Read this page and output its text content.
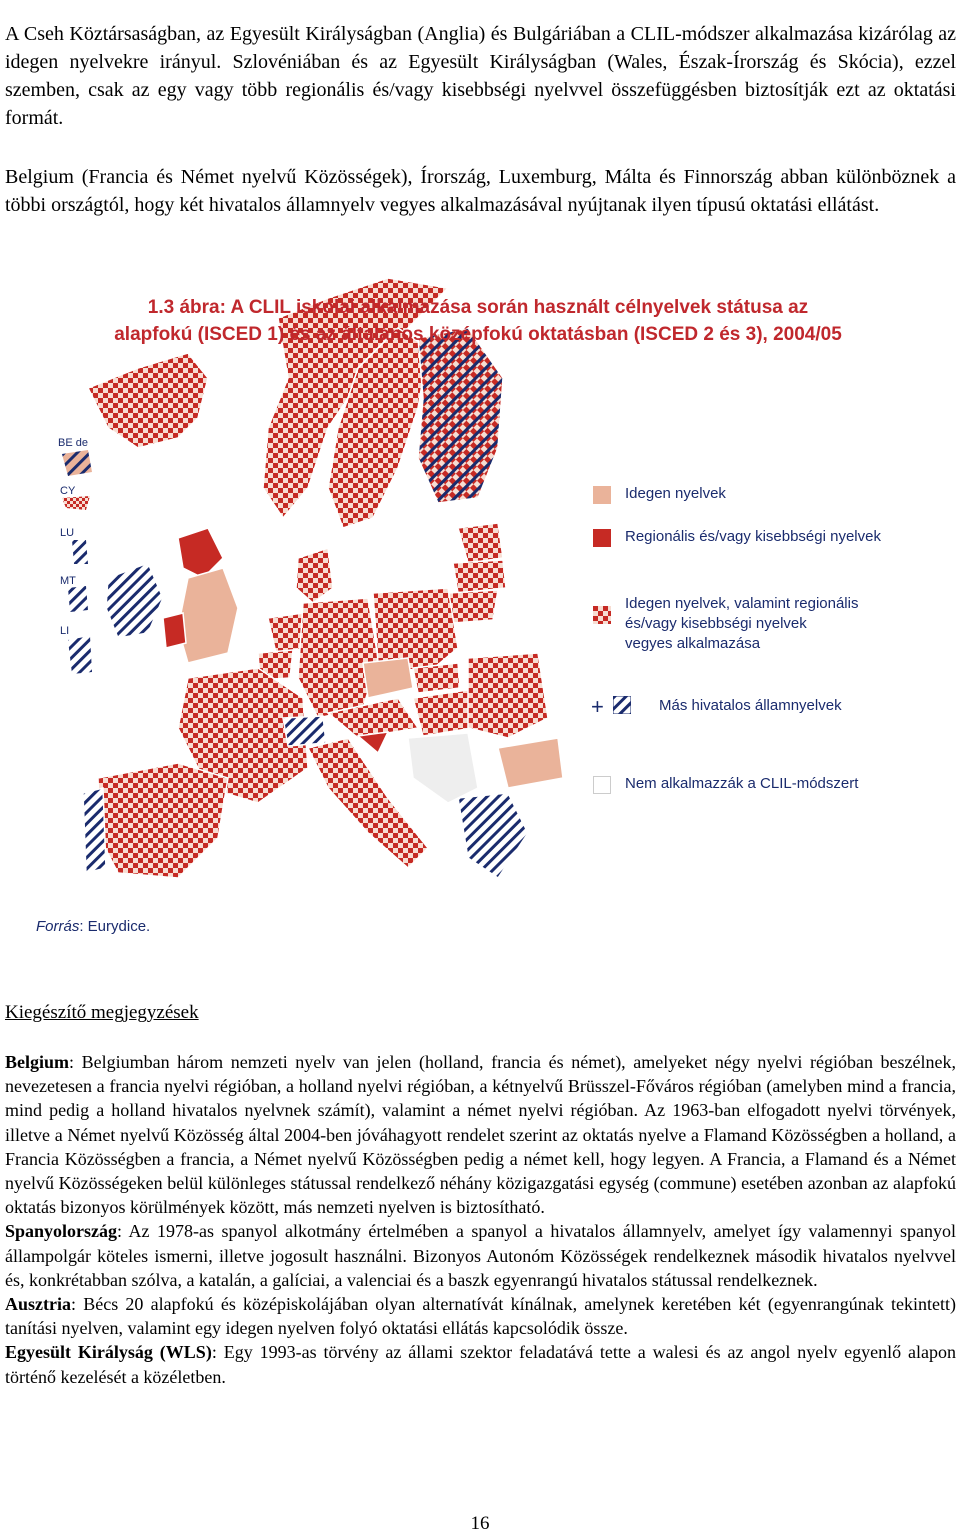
A Cseh Köztársaságban, az Egyesült Királyságban (Anglia) és Bulgáriában a CLIL-módszer alkalmazása kizárólag az idegen nyelvekre irányul. Szlovéniában és az Egyesült Királyságban (Wales, Észak-Írország és Skócia), ezzel szemben, csak az egy vagy több regionális és/vagy kisebbségi nyelvvel összefüggésben biztosítják ezt az oktatási formát.

Belgium (Francia és Német nyelvű Közösségek), Írország, Luxemburg, Málta és Finnország abban különböznek a többi országtól, hogy két hivatalos államnyelv vegyes alkalmazásával nyújtanak ilyen típusú oktatási ellátást.

BE de
CY
LU
MT
LI
1.3 ábra: A CLIL iskolai alkalmazása során használt célnyelvek státusa az
alapfokú (ISCED 1) és az általános középfokú oktatásban (ISCED 2 és 3), 2004/05
Idegen nyelvek
Regionális és/vagy kisebbségi nyelvek
Idegen nyelvek, valamint regionális
és/vagy kisebbségi nyelvek
vegyes alkalmazása
+	Más hivatalos államnyelvek
Nem alkalmazzák a CLIL-módszert
Forrás: Eurydice.
Kiegészítő megjegyzések
Belgium: Belgiumban három nemzeti nyelv van jelen (holland, francia és német), amelyeket négy nyelvi régióban beszélnek, nevezetesen a francia nyelvi régióban, a holland nyelvi régióban, a kétnyelvű Brüsszel-Főváros régióban (amelyben mind a francia, mind pedig a holland hivatalos nyelvnek számít), valamint a német nyelvi régióban. Az 1963-ban elfogadott nyelvi törvények, illetve a Német nyelvű Közösség által 2004-ben jóváhagyott rendelet szerint az oktatás nyelve a Flamand Közösségben a holland, a Francia Közösségben a francia, a Német nyelvű Közösségben pedig a német kell, hogy legyen. A Francia, a Flamand és a Német nyelvű Közösségeken belül különleges státussal rendelkező néhány közigazgatási egység (commune) esetében azonban az alapfokú oktatás bizonyos körülmények között, más nemzeti nyelven is biztosítható.
Spanyolország: Az 1978-as spanyol alkotmány értelmében a spanyol a hivatalos államnyelv, amelyet így valamennyi spanyol állampolgár köteles ismerni, illetve jogosult használni. Bizonyos Autonóm Közösségek rendelkeznek második hivatalos nyelvvel és, konkrétabban szólva, a katalán, a galíciai, a valenciai és a baszk egyenrangú hivatalos státussal rendelkeznek.
Ausztria: Bécs 20 alapfokú és középiskolájában olyan alternatívát kínálnak, amelynek keretében két (egyenrangúnak tekintett) tanítási nyelven, valamint egy idegen nyelven folyó oktatási ellátás kapcsolódik össze.
Egyesült Királyság (WLS): Egy 1993-as törvény az állami szektor feladatává tette a walesi és az angol nyelv egyenlő alapon történő kezelését a közéletben.
16
